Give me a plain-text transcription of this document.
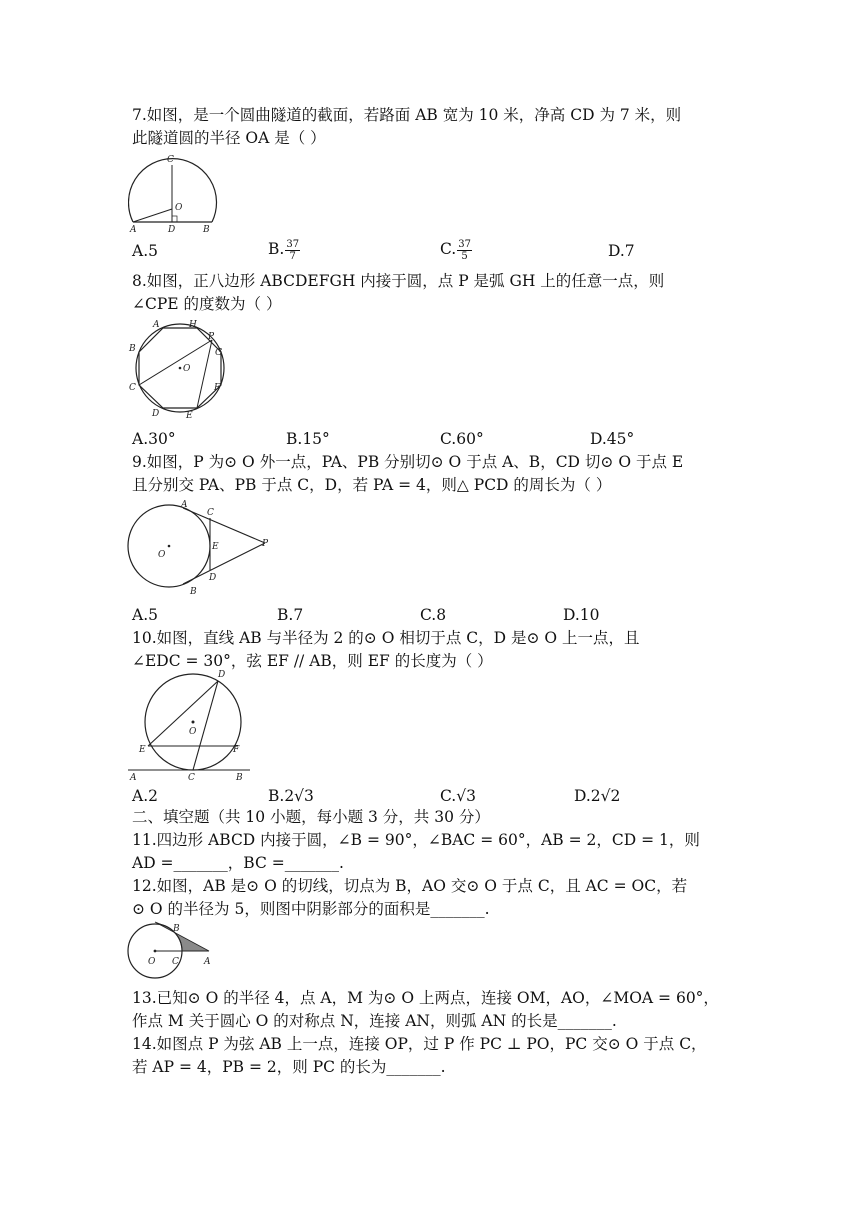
7.如图，是一个圆曲隧道的截面，若路面 AB 宽为 10 米，净高 CD 为 7 米，则
此隧道圆的半径 OA 是（ ）
C
O
A	D	B
A.5	B. $\frac{37}{7}$	C. $\frac{37}{5}$	D.7
8.如图，正八边形 ABCDEFGH 内接于圆，点 P 是弧 GH 上的任意一点，则
∠CPE 的度数为（ ）
A	H
P
B	G
O
C	F
D	E
A.30°	B.15°	C.60°	D.45°
9.如图，P 为⊙ O 外一点，PA、PB 分别切⊙ O 于点 A、B，CD 切⊙ O 于点 E
且分别交 PA、PB 于点 C，D，若 PA = 4，则△ PCD 的周长为（ ）
A
C
O
E	P
D
B
A.5	B.7	C.8	D.10
10.如图，直线 AB 与半径为 2 的⊙ O 相切于点 C，D 是⊙ O 上一点，且
∠EDC = 30°，弦 EF // AB，则 EF 的长度为（ ）
D
O
E	F
A	C	B
A.2	B.2√3	C.√3	D.2√2
二、填空题（共 10 小题，每小题 3 分，共 30 分）
11.四边形 ABCD 内接于圆，∠B = 90°，∠BAC = 60°，AB = 2，CD = 1，则
AD =_______，BC =_______.
12.如图，AB 是⊙ O 的切线，切点为 B，AO 交⊙ O 于点 C，且 AC = OC，若
⊙ O 的半径为 5，则图中阴影部分的面积是_______.
B
O C	A
13.已知⊙ O 的半径 4，点 A，M 为⊙ O 上两点，连接 OM，AO，∠MOA = 60°，
作点 M 关于圆心 O 的对称点 N，连接 AN，则弧 AN 的长是_______.
14.如图点 P 为弦 AB 上一点，连接 OP，过 P 作 PC ⊥ PO，PC 交⊙ O 于点 C，
若 AP = 4，PB = 2，则 PC 的长为_______.
